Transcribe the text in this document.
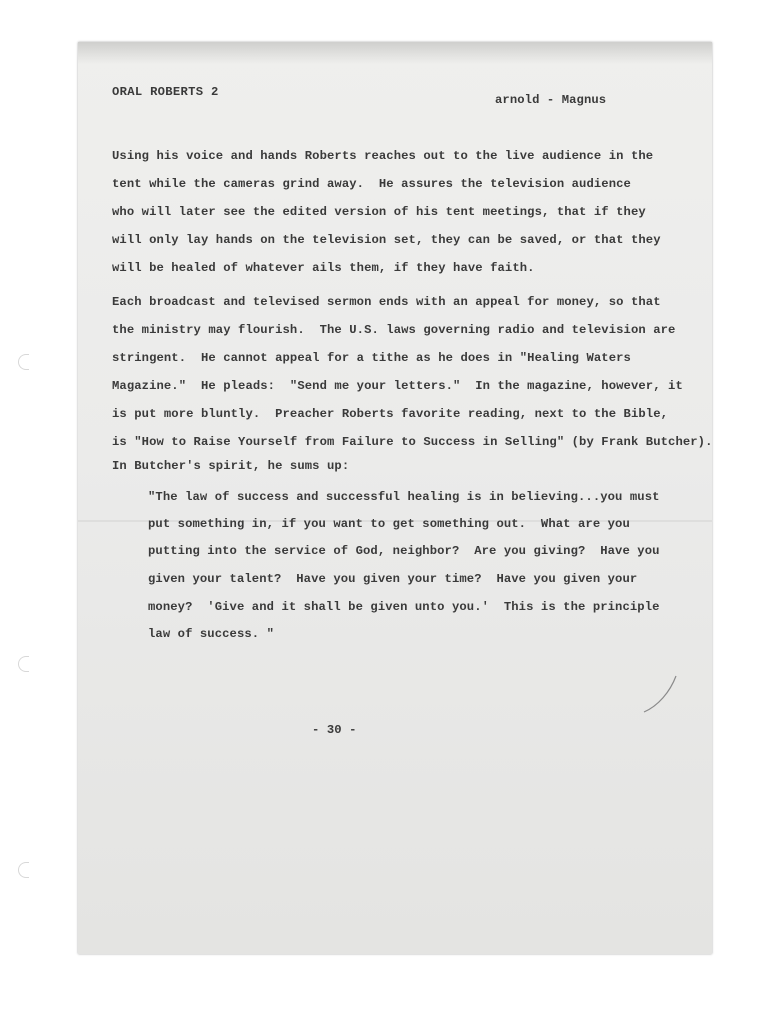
ORAL ROBERTS 2
arnold - Magnus
Using his voice and hands Roberts reaches out to the live audience in the
tent while the cameras grind away.  He assures the television audience
who will later see the edited version of his tent meetings, that if they
will only lay hands on the television set, they can be saved, or that they
will be healed of whatever ails them, if they have faith.
Each broadcast and televised sermon ends with an appeal for money, so that
the ministry may flourish.  The U.S. laws governing radio and television are
stringent.  He cannot appeal for a tithe as he does in "Healing Waters
Magazine."  He pleads:  "Send me your letters."  In the magazine, however, it
is put more bluntly.  Preacher Roberts favorite reading, next to the Bible,
is "How to Raise Yourself from Failure to Success in Selling" (by Frank Butcher).
In Butcher's spirit, he sums up:
"The law of success and successful healing is in believing...you must
put something in, if you want to get something out.  What are you
putting into the service of God, neighbor?  Are you giving?  Have you
given your talent?  Have you given your time?  Have you given your
money?  'Give and it shall be given unto you.'  This is the principle
law of success. "
- 30 -
